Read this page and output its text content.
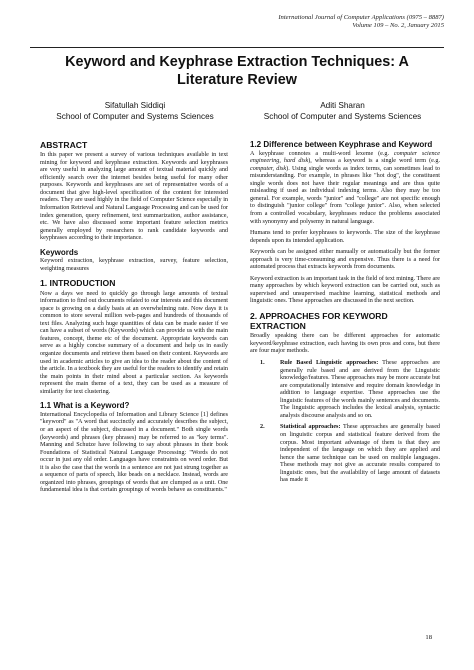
International Journal of Computer Applications (0975 – 8887)
Volume 109 – No. 2, January 2015
Keyword and Keyphrase Extraction Techniques: A Literature Review
Sifatullah Siddiqi
School of Computer and Systems Sciences
Aditi Sharan
School of Computer and Systems Sciences
ABSTRACT

In this paper we present a survey of various techniques available in text mining for keyword and keyphrase extraction. Keywords and keyphrases are very useful in analyzing large amount of textual material quickly and efficiently search over the internet besides being useful for many other purposes. Keywords and keyphrases are set of representative words of a document that give high-level specification of the content for interested readers. They are used highly in the field of Computer Science especially in Information Retrieval and Natural Language Processing and can be used for index generation, query refinement, text summarization, author assistance, etc. We have also discussed some important feature selection metrics generally employed by researchers to rank candidate keywords and keyphrases according to their importance.

Keywords

Keyword extraction, keyphrase extraction, survey, feature selection, weighting measures

1. INTRODUCTION

Now a days we need to quickly go through large amounts of textual information to find out documents related to our interests and this document space is growing on a daily basis at an overwhelming rate. Now days it is common to store several million web-pages and hundreds of thousands of text files. Analyzing such huge quantities of data can be made easier if we can have a subset of words (Keywords) which can provide us with the main features, concept, theme etc of the document. Appropriate keywords can serve as a highly concise summary of a document and help us in easily organize documents and retrieve them based on their content. Keywords are used in academic articles to give an idea to the reader about the content of the article. In a textbook they are useful for the readers to identify and retain the main points in their mind about a particular section. As keywords represent the main theme of a text, they can be used as a measure of similarity for text clustering.

1.1 What is a Keyword?

International Encyclopedia of Information and Library Science [1] defines "keyword" as "A word that succinctly and accurately describes the subject, or an aspect of the subject, discussed in a document." Both single words (keywords) and phrases (key phrases) may be referred to as "key terms". Manning and Schutze have following to say about phrases in their book Foundations of Statistical Natural Language Processing: "Words do not occur in just any old order. Languages have constraints on word order. But it is also the case that the words in a sentence are not just strung together as a sequence of parts of speech, like beads on a necklace. Instead, words are organized into phrases, groupings of words that are clumped as a unit. One fundamental idea is that certain groupings of words behave as constituents."

1.2 Difference between Keyphrase and Keyword

A keyphrase connotes a multi-word lexeme (e.g. computer science engineering, hard disk), whereas a keyword is a single word term (e.g. computer, disk). Using single words as index terms, can sometimes lead to misunderstanding. For example, in phrases like "hot dog", the constituent single words does not have their regular meanings and are thus quite misleading if used as individual indexing terms. Also they may be too general. For example, words "junior" and "college" are not specific enough to distinguish "junior college" from "college junior". Also, when selected from a controlled vocabulary, keyphrases reduce the problems associated with synonymy and polysemy in natural language.

Humans tend to prefer keyphrases to keywords. The size of the keyphrase depends upon its intended application.

Keywords can be assigned either manually or automatically but the former approach is very time-consuming and expensive. Thus there is a need for automated process that extracts keywords from documents.

Keyword extraction is an important task in the field of text mining. There are many approaches by which keyword extraction can be carried out, such as supervised and unsupervised machine learning, statistical methods and linguistic ones. These approaches are discussed in the next section.

2. APPROACHES FOR KEYWORD EXTRACTION

Broadly speaking there can be different approaches for automatic keyword/keyphrase extraction, each having its own pros and cons, but there are four major methods.

1.	Rule Based Linguistic approaches: These approaches are generally rule based and are derived from the Linguistic knowledge/features. These approaches may be more accurate but are computationally intensive and require domain knowledge in addition to language expertise. These approaches use the linguistic features of the words mainly sentences and documents. The linguistic approach includes the lexical analysis, syntactic analysis discourse analysis and so on.
2.	Statistical approaches: These approaches are generally based on linguistic corpus and statistical feature derived from the corpus. Most important advantage of them is that they are independent of the language on which they are applied and hence the same technique can be used on multiple languages. These methods may not give as accurate results compared to linguistic ones, but the availability of large amount of datasets has made it
18
